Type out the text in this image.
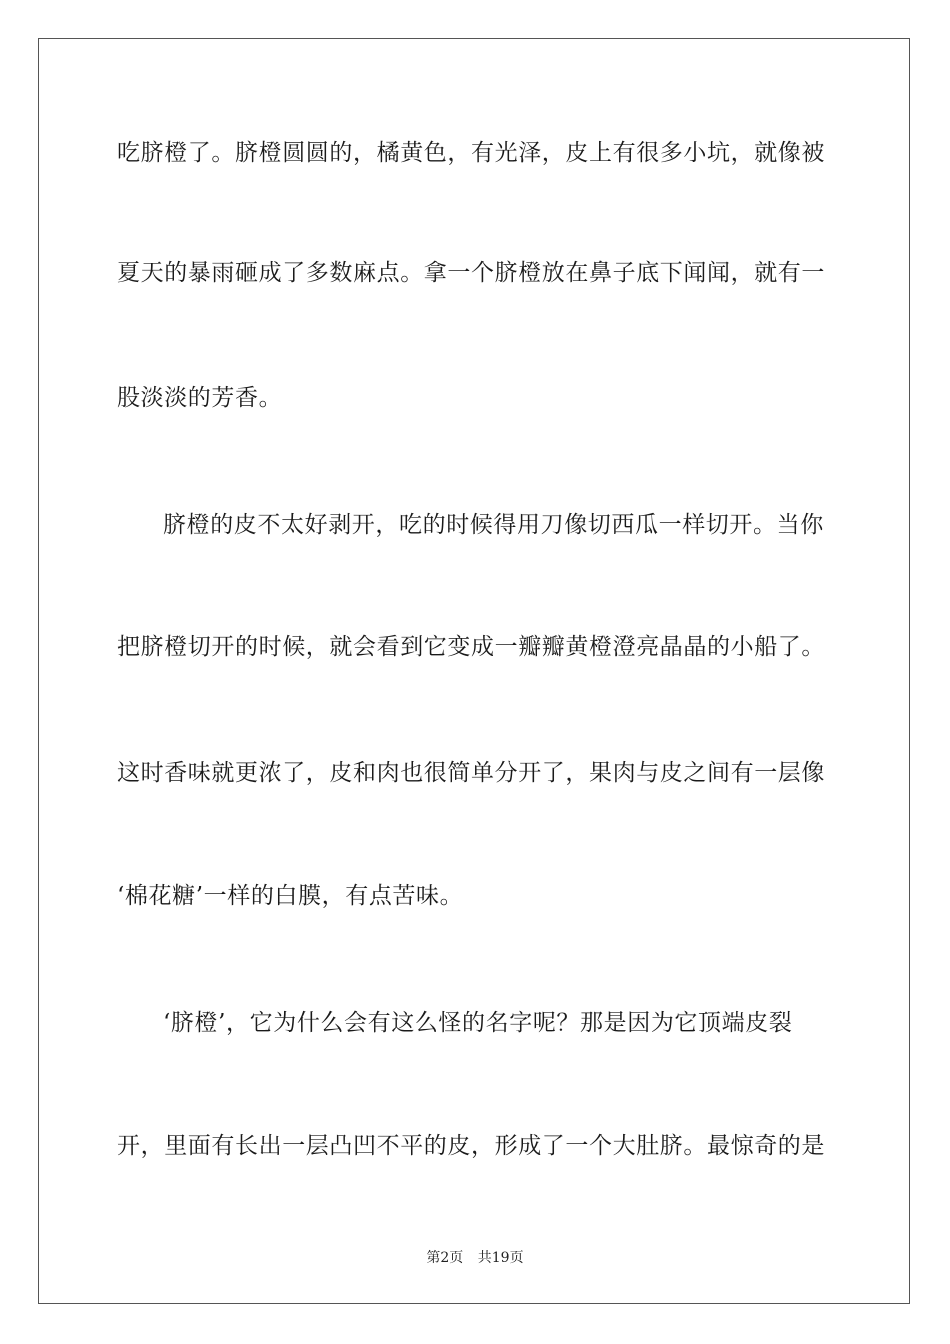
吃脐橙了。脐橙圆圆的，橘黄色，有光泽，皮上有很多小坑，就像被
夏天的暴雨砸成了多数麻点。拿一个脐橙放在鼻子底下闻闻，就有一
股淡淡的芳香。
脐橙的皮不太好剥开，吃的时候得用刀像切西瓜一样切开。当你
把脐橙切开的时候，就会看到它变成一瓣瓣黄橙澄亮晶晶的小船了。
这时香味就更浓了，皮和肉也很简单分开了，果肉与皮之间有一层像
‘棉花糖’一样的白膜，有点苦味。
‘脐橙’，它为什么会有这么怪的名字呢？那是因为它顶端皮裂
开，里面有长出一层凸凹不平的皮，形成了一个大肚脐。最惊奇的是
第2页 共19页
